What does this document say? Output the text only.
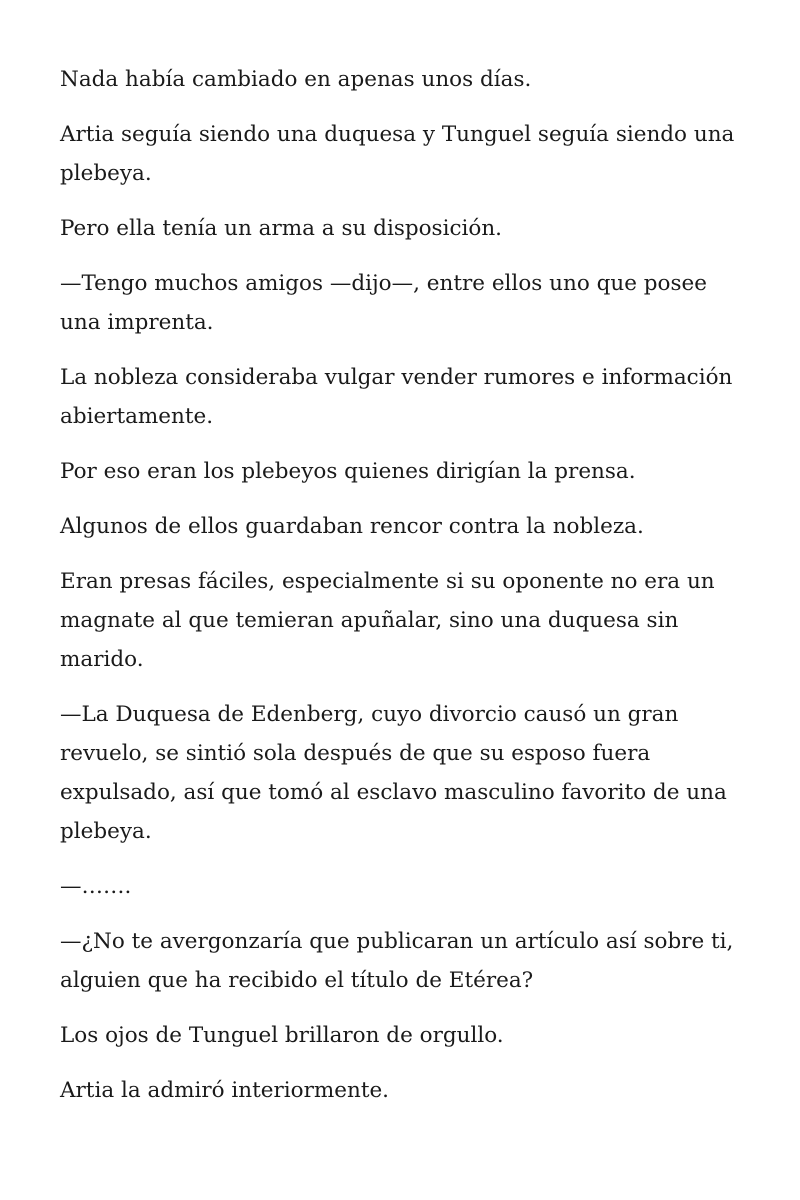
Nada había cambiado en apenas unos días.

Artia seguía siendo una duquesa y Tunguel seguía siendo una plebeya.

Pero ella tenía un arma a su disposición.

—Tengo muchos amigos —dijo—, entre ellos uno que posee una imprenta.

La nobleza consideraba vulgar vender rumores e información abiertamente.

Por eso eran los plebeyos quienes dirigían la prensa.

Algunos de ellos guardaban rencor contra la nobleza.

Eran presas fáciles, especialmente si su oponente no era un magnate al que temieran apuñalar, sino una duquesa sin marido.

—La Duquesa de Edenberg, cuyo divorcio causó un gran revuelo, se sintió sola después de que su esposo fuera expulsado, así que tomó al esclavo masculino favorito de una plebeya.

—…….

—¿No te avergonzaría que publicaran un artículo así sobre ti, alguien que ha recibido el título de Etérea?

Los ojos de Tunguel brillaron de orgullo.

Artia la admiró interiormente.
